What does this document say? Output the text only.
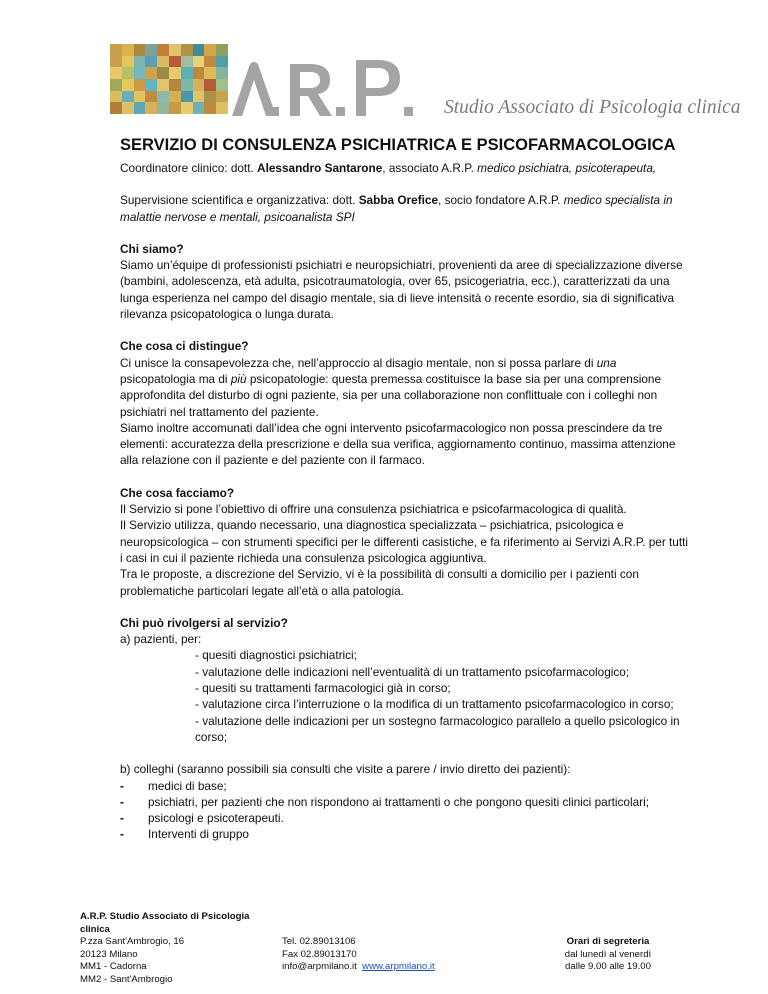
Studio Associato di Psicologia clinica
SERVIZIO DI CONSULENZA PSICHIATRICA E PSICOFARMACOLOGICA

Coordinatore clinico: dott. Alessandro Santarone, associato A.R.P. medico psichiatra, psicoterapeuta,

Supervisione scientifica e organizzativa: dott. Sabba Orefice, socio fondatore A.R.P. medico specialista in malattie nervose e mentali, psicoanalista SPI

Chi siamo?

Siamo un’équipe di professionisti psichiatri e neuropsichiatri, provenienti da aree di specializzazione diverse (bambini, adolescenza, età adulta, psicotraumatologia, over 65, psicogeriatria, ecc.), caratterizzati da una lunga esperienza nel campo del disagio mentale, sia di lieve intensità o recente esordio, sia di significativa rilevanza psicopatologica o lunga durata.

Che cosa ci distingue?

Ci unisce la consapevolezza che, nell’approccio al disagio mentale, non si possa parlare di una psicopatologia ma di più psicopatologie: questa premessa costituisce la base sia per una comprensione approfondita del disturbo di ogni paziente, sia per una collaborazione non conflittuale con i colleghi non psichiatri nel trattamento del paziente.

Siamo inoltre accomunati dall’idea che ogni intervento psicofarmacologico non possa prescindere da tre elementi: accuratezza della prescrizione e della sua verifica, aggiornamento continuo, massima attenzione alla relazione con il paziente e del paziente con il farmaco.

Che cosa facciamo?

Il Servizio si pone l’obiettivo di offrire una consulenza psichiatrica e psicofarmacologica di qualità.

Il Servizio utilizza, quando necessario, una diagnostica specializzata – psichiatrica, psicologica e neuropsicologica – con strumenti specifici per le differenti casistiche, e fa riferimento ai Servizi A.R.P. per tutti i casi in cui il paziente richieda una consulenza psicologica aggiuntiva.

Tra le proposte, a discrezione del Servizio, vi è la possibilità di consulti a domicilio per i pazienti con problematiche particolari legate all’età o alla patologia.

Chi può rivolgersi al servizio?

a) pazienti, per:

- quesiti diagnostici psichiatrici;

- valutazione delle indicazioni nell’eventualità di un trattamento psicofarmacologico;

- quesiti su trattamenti farmacologici già in corso;

- valutazione circa l’interruzione o la modifica di un trattamento psicofarmacologico in corso;

- valutazione delle indicazioni per un sostegno farmacologico parallelo a quello psicologico in corso;

b) colleghi (saranno possibili sia consulti che visite a parere / invio diretto dei pazienti):

- medici di base;
- psichiatri, per pazienti che non rispondono ai trattamenti o che pongono quesiti clinici particolari;
- psicologi e psicoterapeuti.
- Interventi di gruppo
A.R.P. Studio Associato di Psicologia clinica
P.zza Sant'Ambrogio, 16
20123 Milano
MM1 - Cadorna
MM2 - Sant'Ambrogio
Tel. 02.89013106
Fax 02.89013170
info@arpmilano.it www.arpmilano.it
Orari di segreteria
dal lunedì al venerdì
dalle 9.00 alle 19.00
